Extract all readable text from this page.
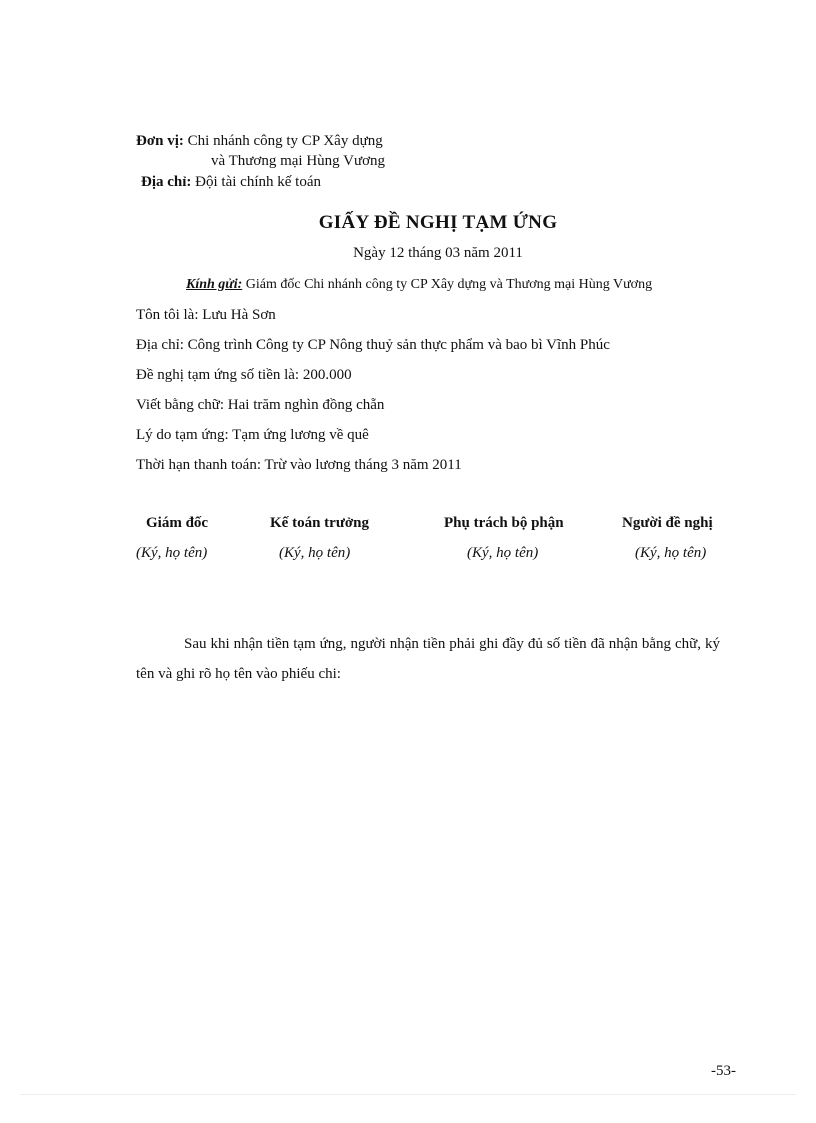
Đơn vị: Chi nhánh công ty CP Xây dựng
và Thương mại Hùng Vương
Địa chỉ: Đội tài chính kế toán
GIẤY ĐỀ NGHỊ TẠM ỨNG
Ngày 12 tháng 03 năm 2011
Kính gửi: Giám đốc Chi nhánh công ty CP Xây dựng và Thương mại Hùng Vương
Tôn tôi là: Lưu Hà Sơn
Địa chỉ: Công trình Công ty CP Nông thuỷ sản thực phẩm và bao bì Vĩnh Phúc
Đề nghị tạm ứng số tiền là: 200.000
Viết bằng chữ: Hai trăm nghìn đồng chẵn
Lý do tạm ứng: Tạm ứng lương về quê
Thời hạn thanh toán: Trừ vào lương tháng 3 năm 2011
Giám đốc	Kế toán trưởng	Phụ trách bộ phận	Người đề nghị
(Ký, họ tên)	(Ký, họ tên)	(Ký, họ tên)	(Ký, họ tên)
Sau khi nhận tiền tạm ứng, người nhận tiền phải ghi đầy đủ số tiền đã nhận bằng chữ, ký tên và ghi rõ họ tên vào phiếu chi:
-53-
